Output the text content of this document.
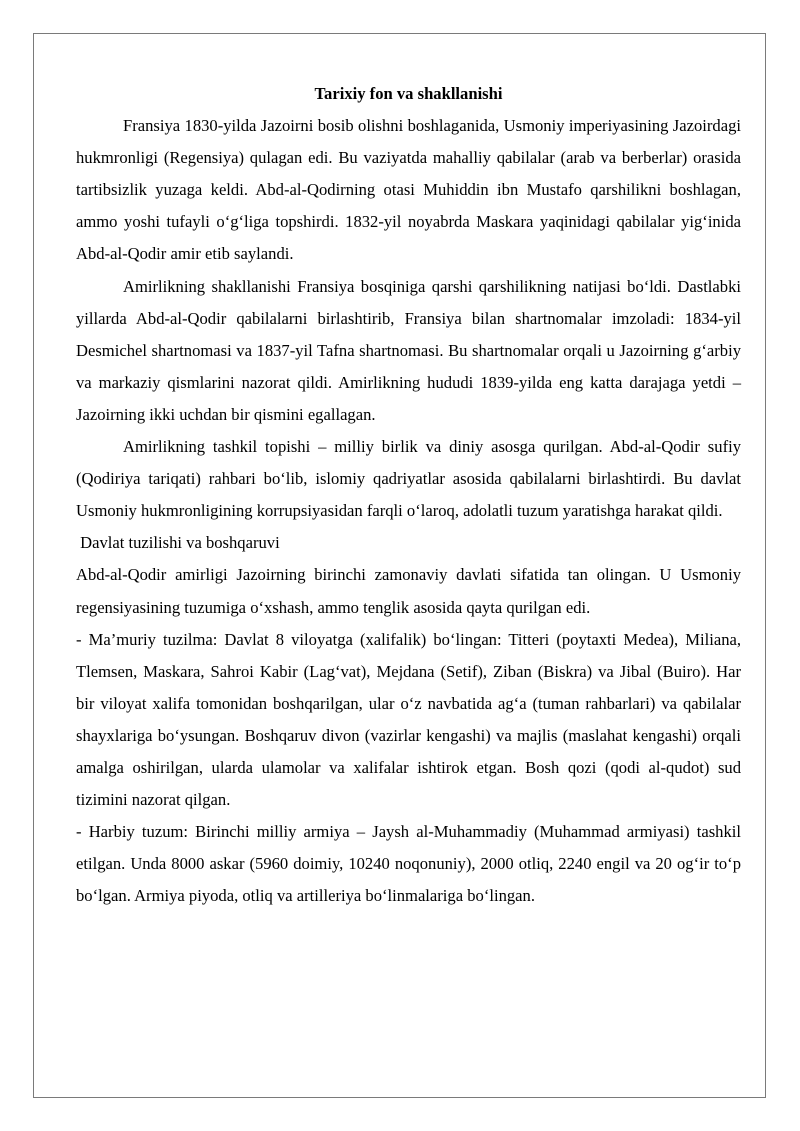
Tarixiy fon va shakllanishi

Fransiya 1830-yilda Jazoirni bosib olishni boshlaganida, Usmoniy imperiyasining Jazoirdagi hukmronligi (Regensiya) qulagan edi. Bu vaziyatda mahalliy qabilalar (arab va berberlar) orasida tartibsizlik yuzaga keldi. Abd-al-Qodirning otasi Muhiddin ibn Mustafo qarshilikni boshlagan, ammo yoshi tufayli o‘g‘liga topshirdi. 1832-yil noyabrda Maskara yaqinidagi qabilalar yig‘inida Abd-al-Qodir amir etib saylandi.

Amirlikning shakllanishi Fransiya bosqiniga qarshi qarshilikning natijasi bo‘ldi. Dastlabki yillarda Abd-al-Qodir qabilalarni birlashtirib, Fransiya bilan shartnomalar imzoladi: 1834-yil Desmichel shartnomasi va 1837-yil Tafna shartnomasi. Bu shartnomalar orqali u Jazoirning g‘arbiy va markaziy qismlarini nazorat qildi. Amirlikning hududi 1839-yilda eng katta darajaga yetdi – Jazoirning ikki uchdan bir qismini egallagan.

Amirlikning tashkil topishi – milliy birlik va diniy asosga qurilgan. Abd-al-Qodir sufiy (Qodiriya tariqati) rahbari bo‘lib, islomiy qadriyatlar asosida qabilalarni birlashtirdi. Bu davlat Usmoniy hukmronligining korrupsiyasidan farqli o‘laroq, adolatli tuzum yaratishga harakat qildi.

Davlat tuzilishi va boshqaruvi

Abd-al-Qodir amirligi Jazoirning birinchi zamonaviy davlati sifatida tan olingan. U Usmoniy regensiyasining tuzumiga o‘xshash, ammo tenglik asosida qayta qurilgan edi.

- Ma’muriy tuzilma: Davlat 8 viloyatga (xalifalik) bo‘lingan: Titteri (poytaxti Medea), Miliana, Tlemsen, Maskara, Sahroi Kabir (Lag‘vat), Mejdana (Setif), Ziban (Biskra) va Jibal (Buiro). Har bir viloyat xalifa tomonidan boshqarilgan, ular o‘z navbatida ag‘a (tuman rahbarlari) va qabilalar shayxlariga bo‘ysungan. Boshqaruv divon (vazirlar kengashi) va majlis (maslahat kengashi) orqali amalga oshirilgan, ularda ulamolar va xalifalar ishtirok etgan. Bosh qozi (qodi al-qudot) sud tizimini nazorat qilgan.

- Harbiy tuzum: Birinchi milliy armiya – Jaysh al-Muhammadiy (Muhammad armiyasi) tashkil etilgan. Unda 8000 askar (5960 doimiy, 10240 noqonuniy), 2000 otliq, 2240 engil va 20 og‘ir to‘p bo‘lgan. Armiya piyoda, otliq va artilleriya bo‘linmalariga bo‘lingan.
